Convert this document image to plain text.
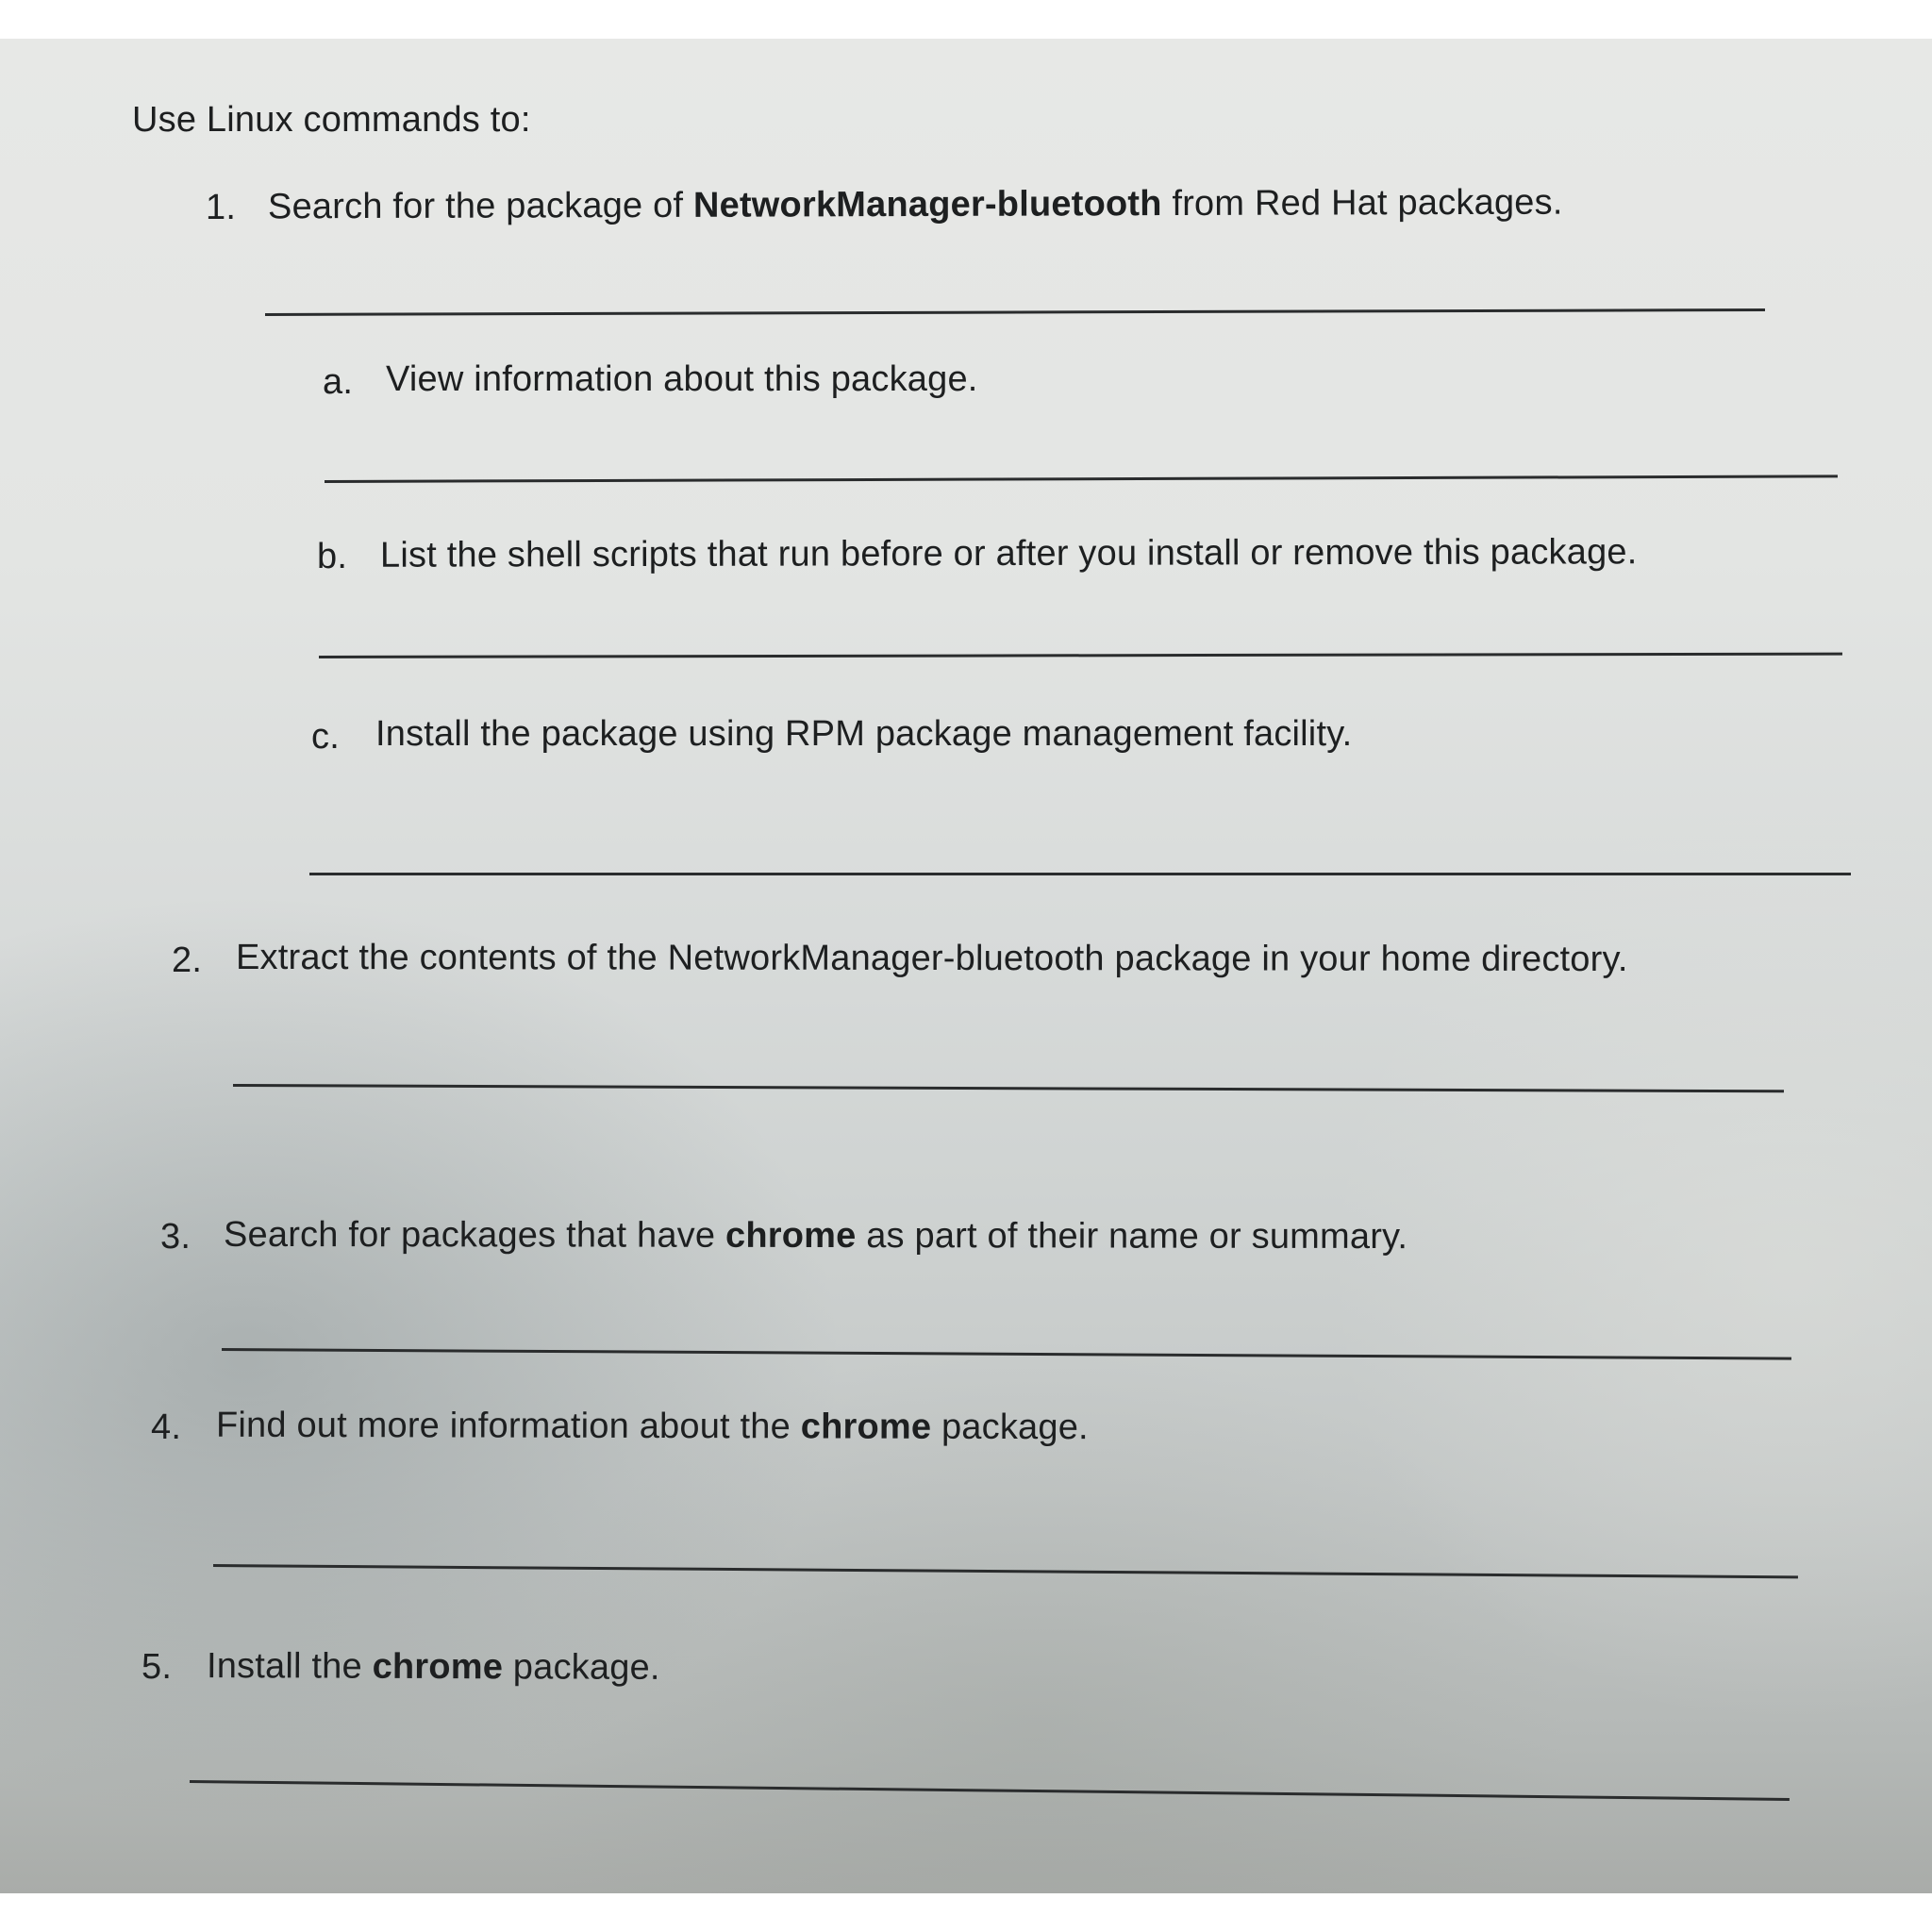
Use Linux commands to:

1. Search for the package of NetworkManager-bluetooth from Red Hat packages.

a. View information about this package.

b. List the shell scripts that run before or after you install or remove this package.

c. Install the package using RPM package management facility.

2. Extract the contents of the NetworkManager-bluetooth package in your home directory.

3. Search for packages that have chrome as part of their name or summary.

4. Find out more information about the chrome package.

5. Install the chrome package.
